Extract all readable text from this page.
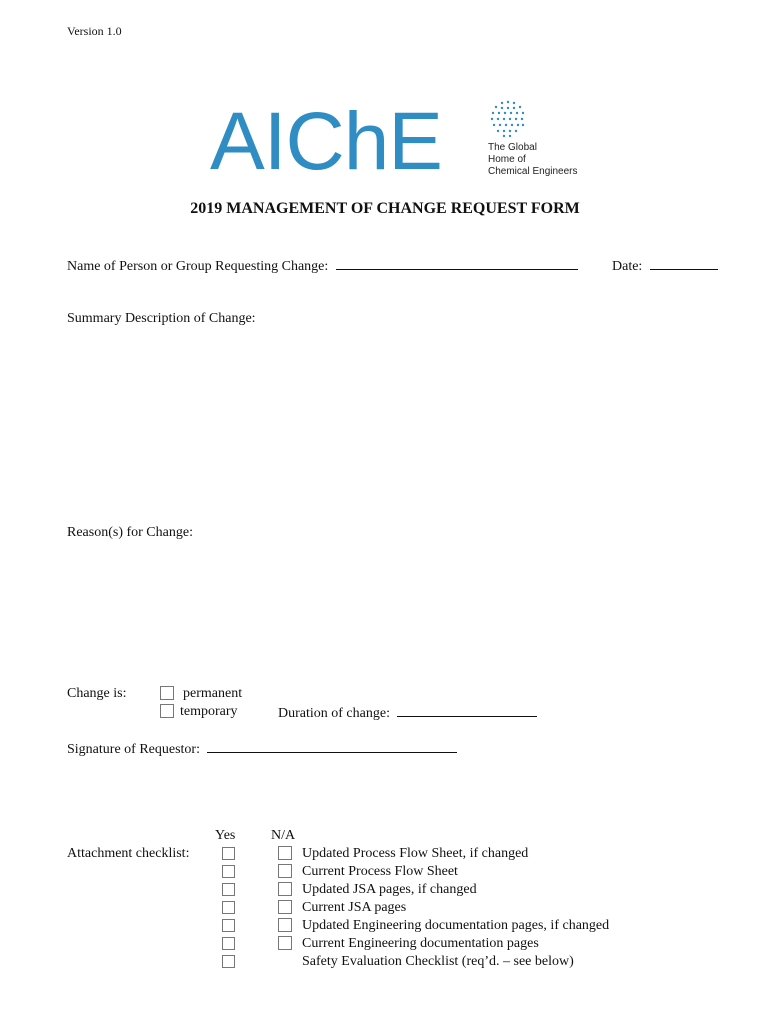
Version 1.0
AIChE	The Global
Home of
Chemical Engineers
2019 MANAGEMENT OF CHANGE REQUEST FORM
Name of Person or Group Requesting Change:	Date:
Summary Description of Change:
Reason(s) for Change:
Change is:	permanent
temporary	Duration of change:
Signature of Requestor:
Yes	N/A
Attachment checklist:	Updated Process Flow Sheet, if changed
Current Process Flow Sheet
Updated JSA pages, if changed
Current JSA pages
Updated Engineering documentation pages, if changed
Current Engineering documentation pages
Safety Evaluation Checklist (req’d. – see below)
